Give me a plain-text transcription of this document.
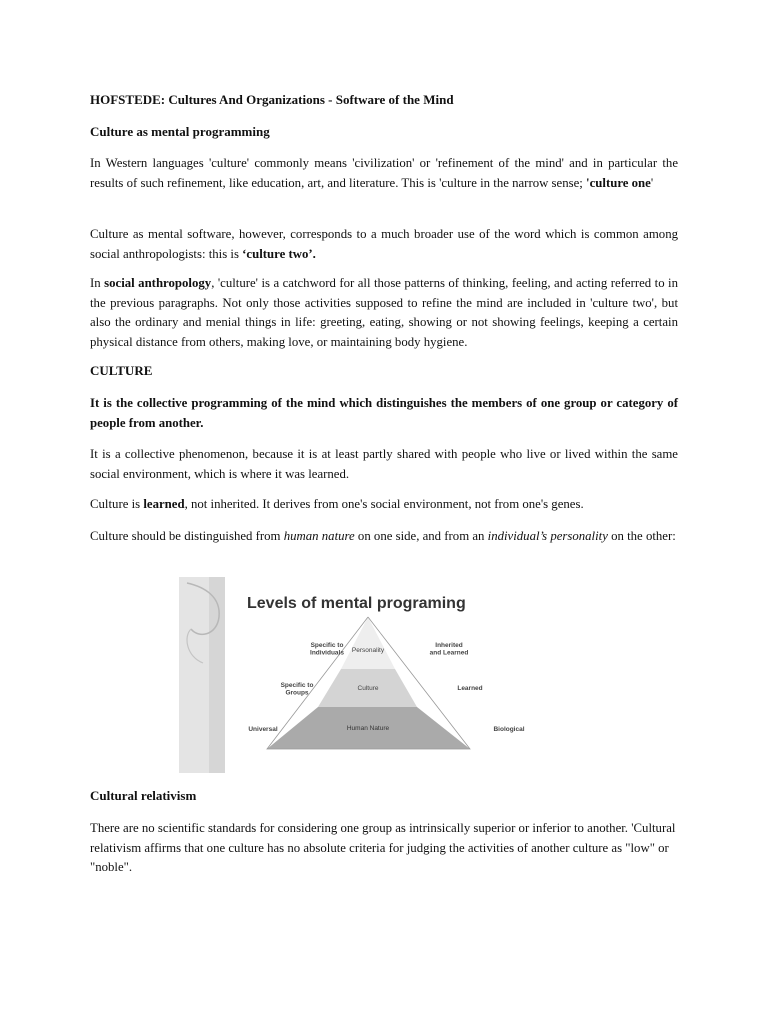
HOFSTEDE: Cultures And Organizations - Software of the Mind
Culture as mental programming
In Western languages 'culture' commonly means 'civilization' or 'refinement of the mind' and in particular the results of such refinement, like education, art, and literature. This is 'culture in the narrow sense; 'culture one'
Culture as mental software, however, corresponds to a much broader use of the word which is common among social anthropologists: this is ‘culture two’.
In social anthropology, 'culture' is a catchword for all those patterns of thinking, feeling, and acting referred to in the previous paragraphs. Not only those activities supposed to refine the mind are included in 'culture two', but also the ordinary and menial things in life: greeting, eating, showing or not showing feelings, keeping a certain physical distance from others, making love, or maintaining body hygiene.
CULTURE
It is the collective programming of the mind which distinguishes the members of one group or category of people from another.
It is a collective phenomenon, because it is at least partly shared with people who live or lived within the same social environment, which is where it was learned.
Culture is learned, not inherited. It derives from one's social environment, not from one's genes.
Culture should be distinguished from human nature on one side, and from an individual’s personality on the other:
Levels of mental programing
Personality
Culture
Human Nature
Specific to Individuals
Inherited and Learned
Specific to Groups
Learned
Universal	Biological
Cultural relativism
There are no scientific standards for considering one group as intrinsically superior or inferior to another. 'Cultural relativism affirms that one culture has no absolute criteria for judging the activities of another culture as "low" or "noble".
